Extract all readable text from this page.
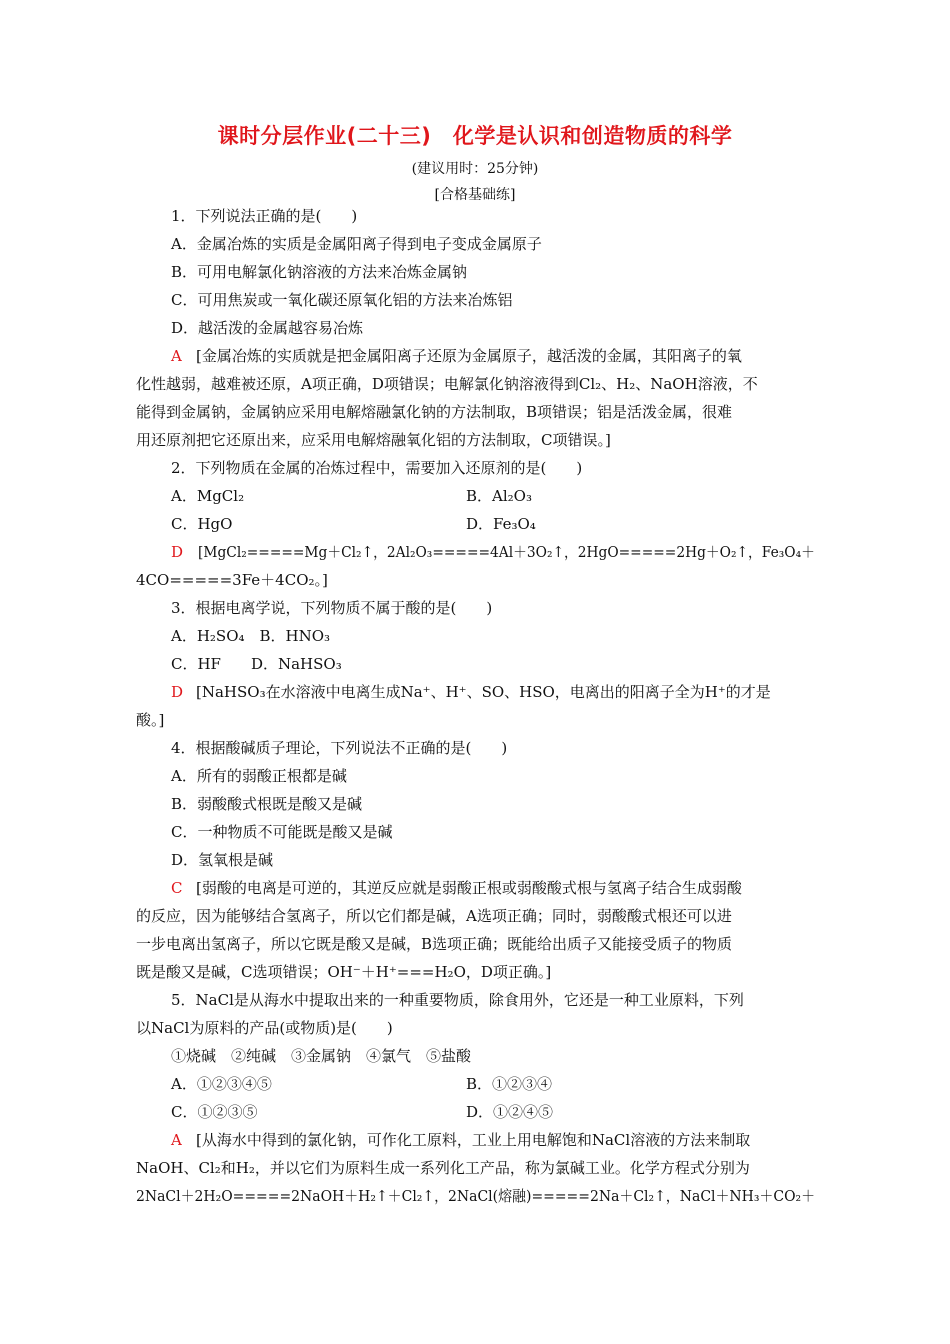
课时分层作业(二十三)　化学是认识和创造物质的科学
(建议用时：25分钟)
[合格基础练]
1．下列说法正确的是(　　)
A．金属冶炼的实质是金属阳离子得到电子变成金属原子
B．可用电解氯化钠溶液的方法来冶炼金属钠
C．可用焦炭或一氧化碳还原氧化铝的方法来冶炼铝
D．越活泼的金属越容易冶炼
A [金属冶炼的实质就是把金属阳离子还原为金属原子，越活泼的金属，其阳离子的氧
化性越弱，越难被还原，A项正确，D项错误；电解氯化钠溶液得到Cl₂、H₂、NaOH溶液，不
能得到金属钠，金属钠应采用电解熔融氯化钠的方法制取，B项错误；铝是活泼金属，很难
用还原剂把它还原出来，应采用电解熔融氧化铝的方法制取，C项错误。]
2．下列物质在金属的冶炼过程中，需要加入还原剂的是(　　)
A．MgCl₂	B．Al₂O₃
C．HgO	D．Fe₃O₄
D [MgCl₂=====Mg＋Cl₂↑，2Al₂O₃=====4Al＋3O₂↑，2HgO=====2Hg＋O₂↑，Fe₃O₄＋
4CO=====3Fe＋4CO₂。]
3．根据电离学说，下列物质不属于酸的是(　　)
A．H₂SO₄　B．HNO₃
C．HF　　D．NaHSO₃
D [NaHSO₃在水溶液中电离生成Na⁺、H⁺、SO、HSO，电离出的阳离子全为H⁺的才是
酸。]
4．根据酸碱质子理论，下列说法不正确的是(　　)
A．所有的弱酸正根都是碱
B．弱酸酸式根既是酸又是碱
C．一种物质不可能既是酸又是碱
D．氢氧根是碱
C [弱酸的电离是可逆的，其逆反应就是弱酸正根或弱酸酸式根与氢离子结合生成弱酸
的反应，因为能够结合氢离子，所以它们都是碱，A选项正确；同时，弱酸酸式根还可以进
一步电离出氢离子，所以它既是酸又是碱，B选项正确；既能给出质子又能接受质子的物质
既是酸又是碱，C选项错误；OH⁻＋H⁺===H₂O，D项正确。]
5．NaCl是从海水中提取出来的一种重要物质，除食用外，它还是一种工业原料，下列
以NaCl为原料的产品(或物质)是(　　)
①烧碱　②纯碱　③金属钠　④氯气　⑤盐酸
A．①②③④⑤	B．①②③④
C．①②③⑤	D．①②④⑤
A [从海水中得到的氯化钠，可作化工原料，工业上用电解饱和NaCl溶液的方法来制取
NaOH、Cl₂和H₂，并以它们为原料生成一系列化工产品，称为氯碱工业。化学方程式分别为
2NaCl＋2H₂O=====2NaOH＋H₂↑＋Cl₂↑，2NaCl(熔融)=====2Na＋Cl₂↑，NaCl＋NH₃＋CO₂＋
